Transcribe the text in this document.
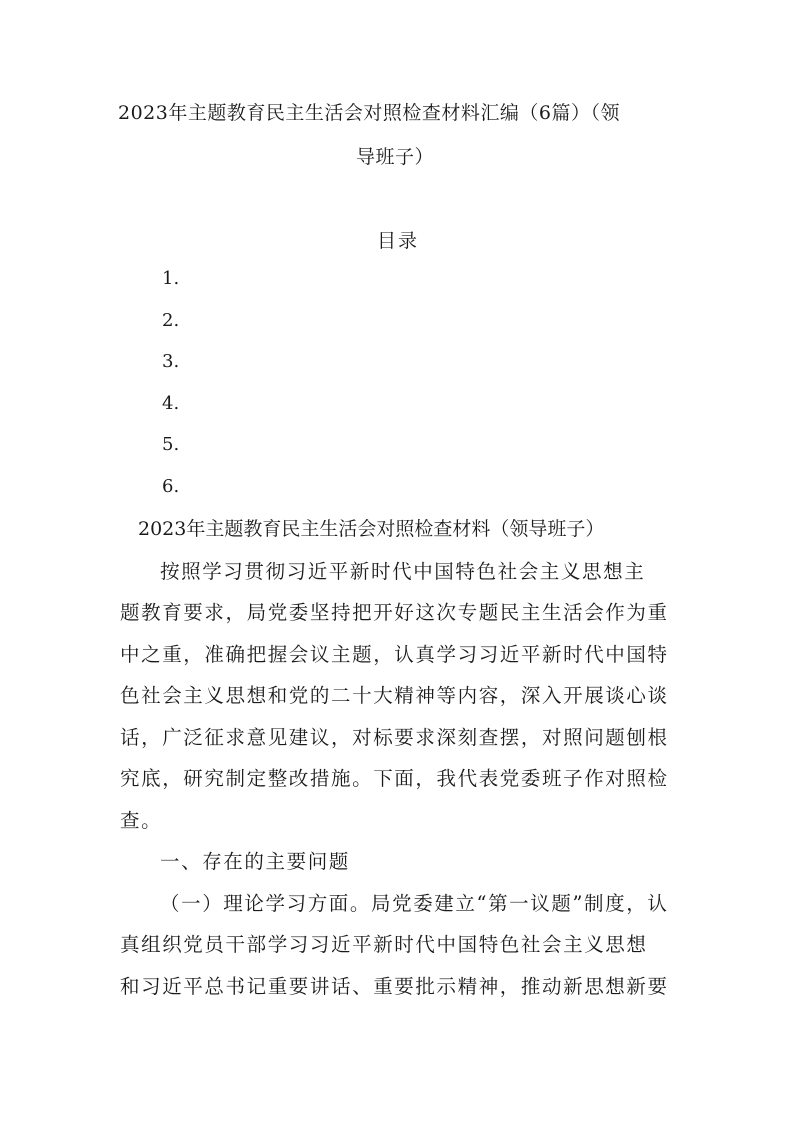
2023年主题教育民主生活会对照检查材料汇编（6篇）（领
导班子）
目录
1.
2.
3.
4.
5.
6.
2023年主题教育民主生活会对照检查材料（领导班子）
按照学习贯彻习近平新时代中国特色社会主义思想主
题教育要求，局党委坚持把开好这次专题民主生活会作为重
中之重，准确把握会议主题，认真学习习近平新时代中国特
色社会主义思想和党的二十大精神等内容，深入开展谈心谈
话，广泛征求意见建议，对标要求深刻查摆，对照问题刨根
究底，研究制定整改措施。下面，我代表党委班子作对照检
查。
一、存在的主要问题
（一）理论学习方面。局党委建立“第一议题”制度，认
真组织党员干部学习习近平新时代中国特色社会主义思想
和习近平总书记重要讲话、重要批示精神，推动新思想新要
